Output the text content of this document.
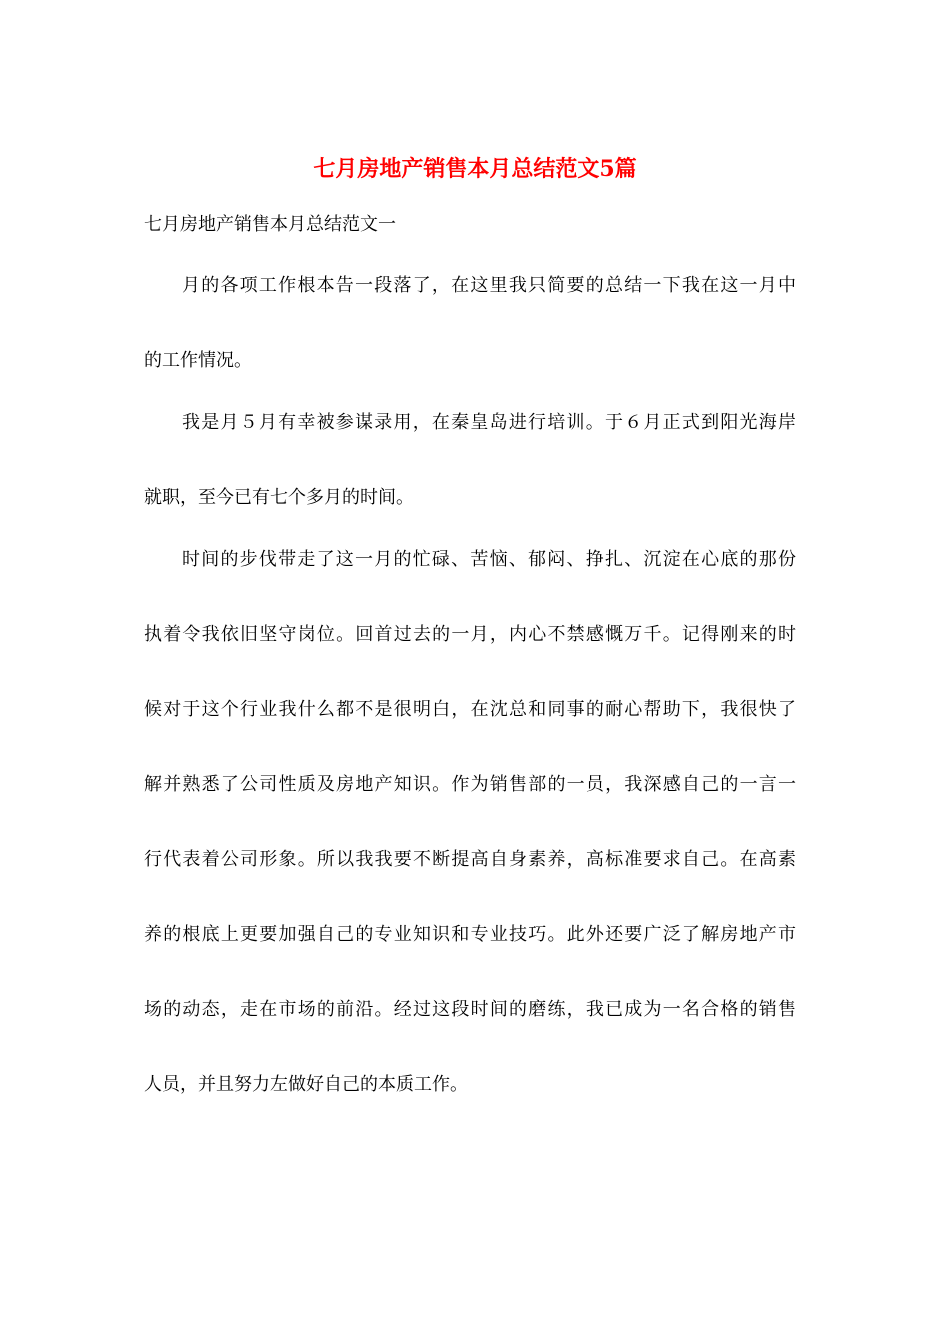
七月房地产销售本月总结范文5篇
七月房地产销售本月总结范文一
月的各项工作根本告一段落了，在这里我只简要的总结一下我在这一月中
的工作情况。
我是月５月有幸被参谋录用，在秦皇岛进行培训。于６月正式到阳光海岸
就职，至今已有七个多月的时间。
时间的步伐带走了这一月的忙碌、苦恼、郁闷、挣扎、沉淀在心底的那份
执着令我依旧坚守岗位。回首过去的一月，内心不禁感慨万千。记得刚来的时
候对于这个行业我什么都不是很明白，在沈总和同事的耐心帮助下，我很快了
解并熟悉了公司性质及房地产知识。作为销售部的一员，我深感自己的一言一
行代表着公司形象。所以我我要不断提高自身素养，高标准要求自己。在高素
养的根底上更要加强自己的专业知识和专业技巧。此外还要广泛了解房地产市
场的动态，走在市场的前沿。经过这段时间的磨练，我已成为一名合格的销售
人员，并且努力左做好自己的本质工作。
